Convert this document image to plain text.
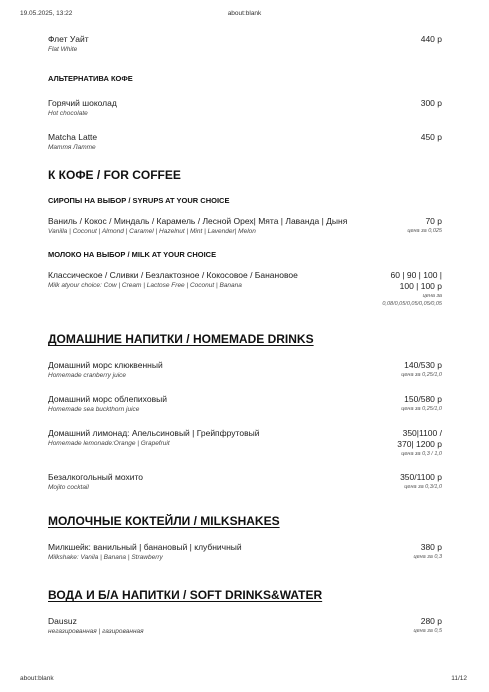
19.05.2025, 13:22	about:blank
Флет Уайт
Flat White
440 р
АЛЬТЕРНАТИВА КОФЕ
Горячий шоколад
Hot chocolate
300 р
Matcha Latte
Мaтmя Лaтme
450 р
К КОФЕ / FOR COFFEE
СИРОПЫ НА ВЫБОР / SYRUPS AT YOUR CHOICE
Ваниль / Кокос / Миндаль / Карамель / Лесной Орех| Мята | Лаванда | Дыня
Vanilla | Coconut | Almond | Caramel | Hazelnut | Mint | Lavender| Melon
70 р
цена за 0,025
МОЛОКО НА ВЫБОР / MILK AT YOUR CHOICE
Классическое / Сливки / Безлактозное / Кокосовое / Банановое
Milk atyour choice: Cow | Cream | Lactose Free | Coconut | Banana
60 | 90 | 100 |
100 | 100 р
цена за
0,08/0,05/0,05/0,05/0,05
ДОМАШНИЕ НАПИТКИ / HOMEMADE DRINKS
Домашний морс клюквенный
Homemade cranberry juice
140/530 р
цена за 0,25/1,0
Домашний морс облепиховый
Homemade sea buckthorn juice
150/580 р
цена за 0,25/1,0
Домашний лимонад: Апельсиновый | Грейпфрутовый
Homemade lemonade:Orange | Grapefruit
350|1100 /
370| 1200 р
цена за 0,3 / 1,0
Безалкогольный мохито
Mojito cocktail
350/1100 р
цена за 0,3/1,0
МОЛОЧНЫЕ КОКТЕЙЛИ / MILKSHAKES
Милкшейк: ванильный | банановый | клубничный
Milkshake: Vanila | Banana | Strawberry
380 р
цена за 0,3
ВОДА И Б/А НАПИТКИ / SOFT DRINKS&WATER
Dausuz
негазированная | газированная
280 р
цена за 0,5
about:blank	11/12
